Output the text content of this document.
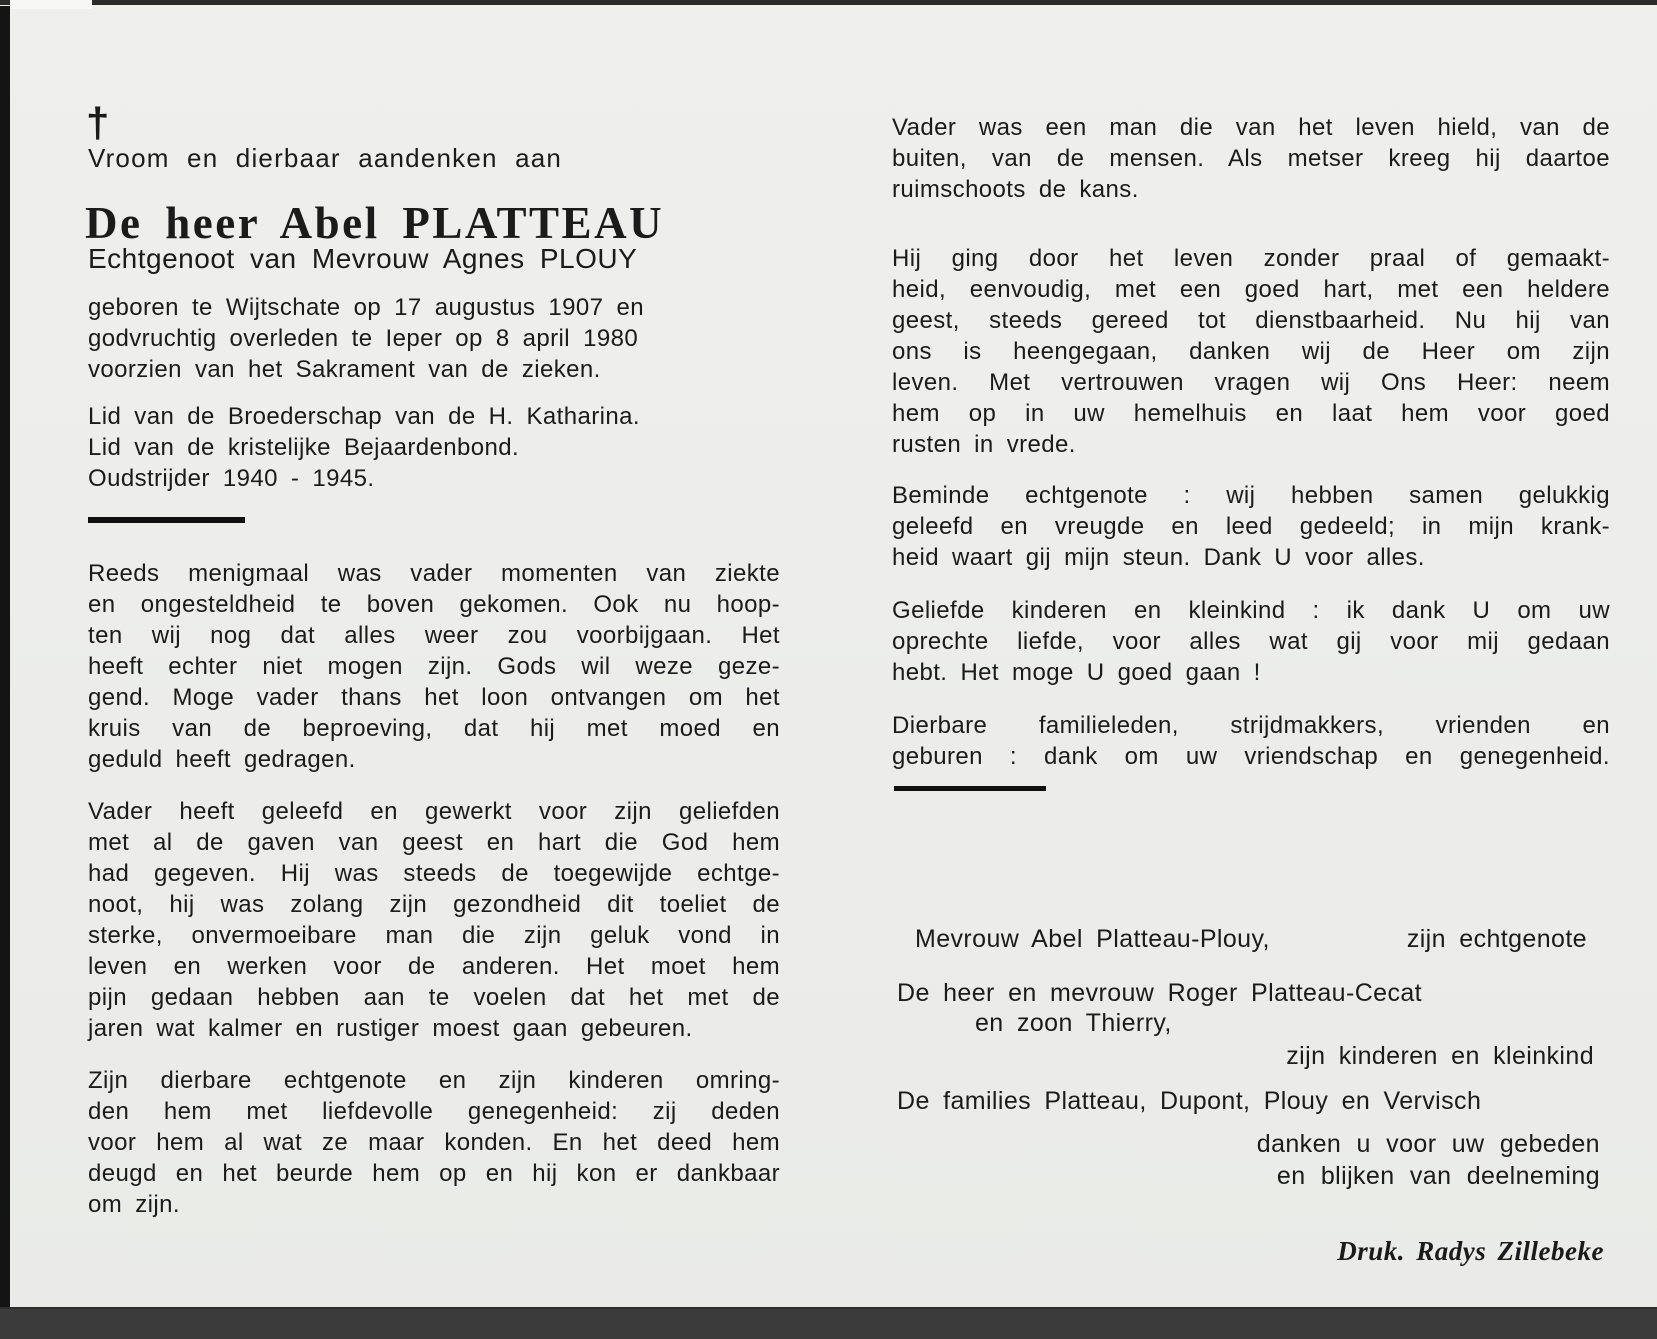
†
Vroom en dierbaar aandenken aan
De heer Abel PLATTEAU
Echtgenoot van Mevrouw Agnes PLOUY
geboren te Wijtschate op 17 augustus 1907 en
godvruchtig overleden te Ieper op 8 april 1980
voorzien van het Sakrament van de zieken.
Lid van de Broederschap van de H. Katharina.
Lid van de kristelijke Bejaardenbond.
Oudstrijder 1940 - 1945.
Reeds menigmaal was vader momenten van ziekte
en ongesteldheid te boven gekomen. Ook nu hoop-
ten wij nog dat alles weer zou voorbijgaan. Het
heeft echter niet mogen zijn. Gods wil weze geze-
gend. Moge vader thans het loon ontvangen om het
kruis van de beproeving, dat hij met moed en
geduld heeft gedragen.
Vader heeft geleefd en gewerkt voor zijn geliefden
met al de gaven van geest en hart die God hem
had gegeven. Hij was steeds de toegewijde echtge-
noot, hij was zolang zijn gezondheid dit toeliet de
sterke, onvermoeibare man die zijn geluk vond in
leven en werken voor de anderen. Het moet hem
pijn gedaan hebben aan te voelen dat het met de
jaren wat kalmer en rustiger moest gaan gebeuren.
Zijn dierbare echtgenote en zijn kinderen omring-
den hem met liefdevolle genegenheid: zij deden
voor hem al wat ze maar konden. En het deed hem
deugd en het beurde hem op en hij kon er dankbaar
om zijn.
Vader was een man die van het leven hield, van de
buiten, van de mensen. Als metser kreeg hij daartoe
ruimschoots de kans.
Hij ging door het leven zonder praal of gemaakt-
heid, eenvoudig, met een goed hart, met een heldere
geest, steeds gereed tot dienstbaarheid. Nu hij van
ons is heengegaan, danken wij de Heer om zijn
leven. Met vertrouwen vragen wij Ons Heer: neem
hem op in uw hemelhuis en laat hem voor goed
rusten in vrede.
Beminde echtgenote : wij hebben samen gelukkig
geleefd en vreugde en leed gedeeld; in mijn krank-
heid waart gij mijn steun. Dank U voor alles.
Geliefde kinderen en kleinkind : ik dank U om uw
oprechte liefde, voor alles wat gij voor mij gedaan
hebt. Het moge U goed gaan !
Dierbare familieleden, strijdmakkers, vrienden en
geburen : dank om uw vriendschap en genegenheid.
Mevrouw Abel Platteau-Plouy,	zijn echtgenote
De heer en mevrouw Roger Platteau-Cecat
en zoon Thierry,
zijn kinderen en kleinkind
De families Platteau, Dupont, Plouy en Vervisch
danken u voor uw gebeden
en blijken van deelneming
Druk. Radys Zillebeke
